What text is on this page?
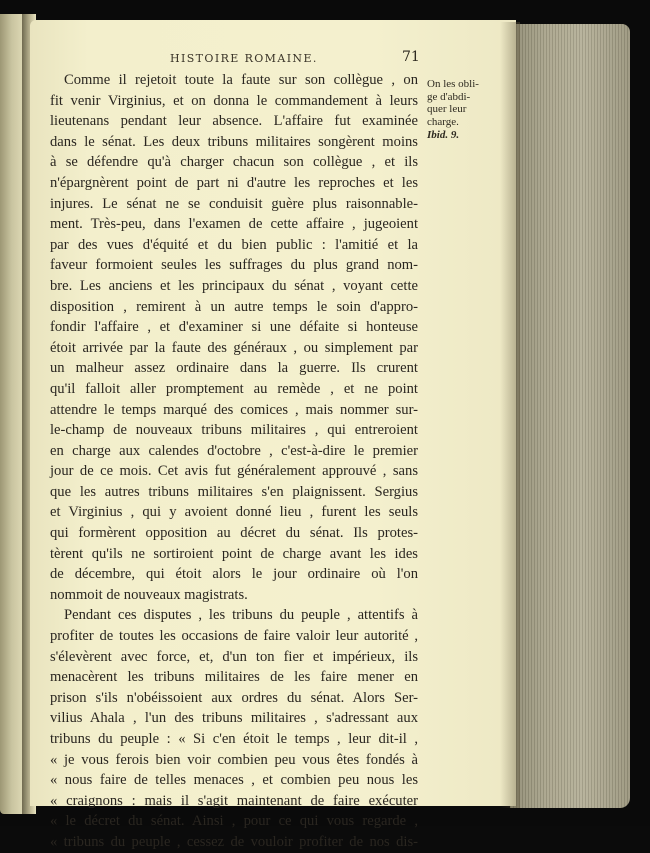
HISTOIRE ROMAINE.	71
On les obli-
ge d'abdi-
quer leur
charge.
Ibid. 9.
Comme il rejetoit toute la faute sur son collègue , on
fit venir Virginius, et on donna le commandement à leurs
lieutenans pendant leur absence. L'affaire fut examinée
dans le sénat. Les deux tribuns militaires songèrent moins
à se défendre qu'à charger chacun son collègue , et ils
n'épargnèrent point de part ni d'autre les reproches et les
injures. Le sénat ne se conduisit guère plus raisonnable-
ment. Très-peu, dans l'examen de cette affaire , jugeoient
par des vues d'équité et du bien public : l'amitié et la
faveur formoient seules les suffrages du plus grand nom-
bre. Les anciens et les principaux du sénat , voyant cette
disposition , remirent à un autre temps le soin d'appro-
fondir l'affaire , et d'examiner si une défaite si honteuse
étoit arrivée par la faute des généraux , ou simplement par
un malheur assez ordinaire dans la guerre. Ils crurent
qu'il falloit aller promptement au remède , et ne point
attendre le temps marqué des comices , mais nommer sur-
le-champ de nouveaux tribuns militaires , qui entreroient
en charge aux calendes d'octobre , c'est-à-dire le premier
jour de ce mois. Cet avis fut généralement approuvé , sans
que les autres tribuns militaires s'en plaignissent. Sergius
et Virginius , qui y avoient donné lieu , furent les seuls
qui formèrent opposition au décret du sénat. Ils protes-
tèrent qu'ils ne sortiroient point de charge avant les ides
de décembre, qui étoit alors le jour ordinaire où l'on
nommoit de nouveaux magistrats.
Pendant ces disputes , les tribuns du peuple , attentifs à
profiter de toutes les occasions de faire valoir leur autorité ,
s'élevèrent avec force, et, d'un ton fier et impérieux, ils
menacèrent les tribuns militaires de les faire mener en
prison s'ils n'obéissoient aux ordres du sénat. Alors Ser-
vilius Ahala , l'un des tribuns militaires , s'adressant aux
tribuns du peuple : « Si c'en étoit le temps , leur dit-il ,
« je vous ferois bien voir combien peu vous êtes fondés à
« nous faire de telles menaces , et combien peu nous les
« craignons : mais il s'agit maintenant de faire exécuter
« le décret du sénat. Ainsi , pour ce qui vous regarde ,
« tribuns du peuple , cessez de vouloir profiter de nos dis-
